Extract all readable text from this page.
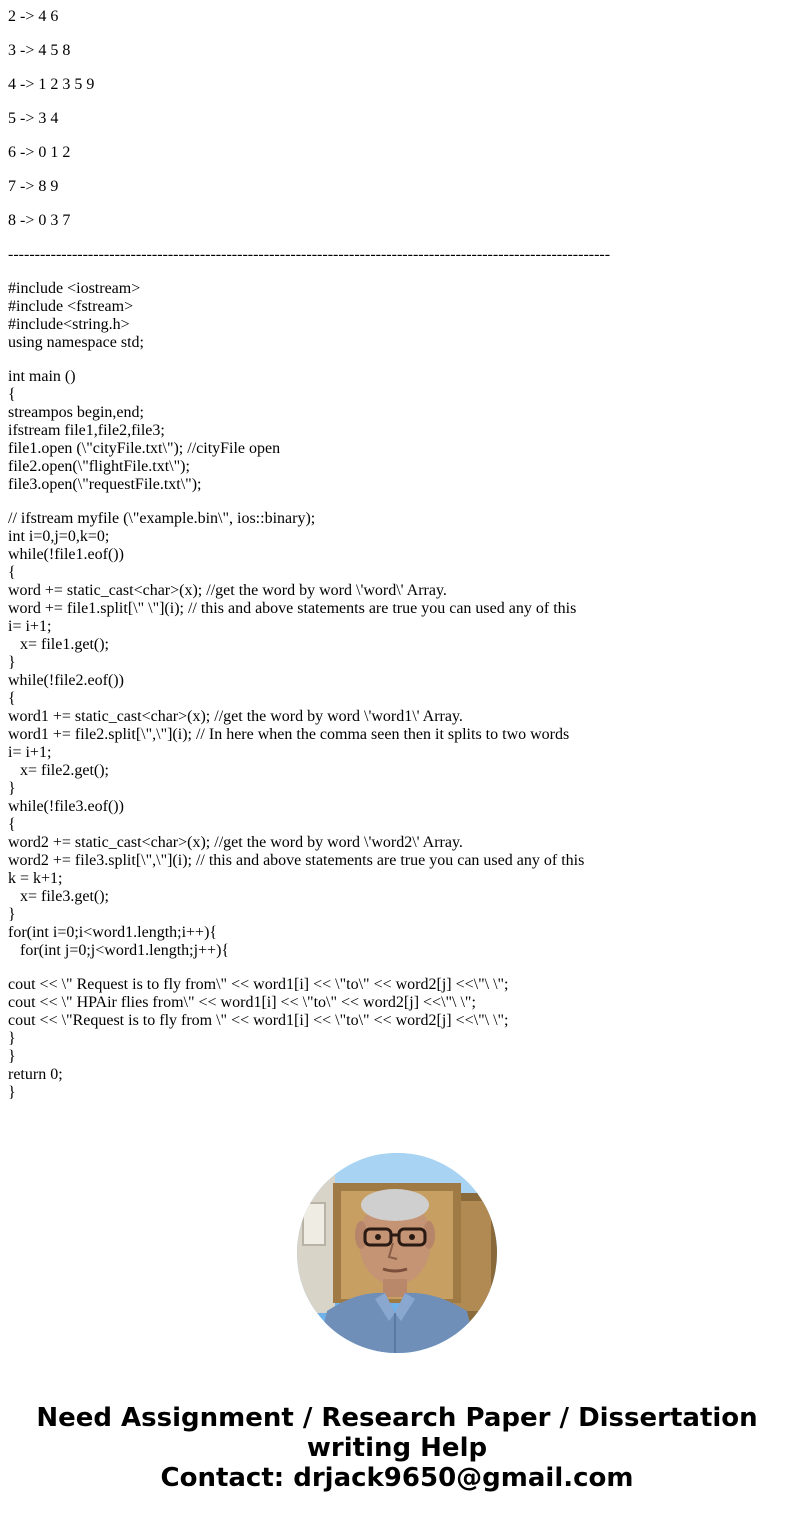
2 -> 4 6
3 -> 4 5 8
4 -> 1 2 3 5 9
5 -> 3 4
6 -> 0 1 2
7 -> 8 9
8 -> 0 3 7
-----------------------------------------------------------------------------------------------------------------
#include <iostream>
#include <fstream>
#include<string.h>
using namespace std;
int main ()
{
streampos begin,end;
ifstream file1,file2,file3;
file1.open (\"cityFile.txt\"); //cityFile open
file2.open(\"flightFile.txt\");
file3.open(\"requestFile.txt\");
// ifstream myfile (\"example.bin\", ios::binary);
int i=0,j=0,k=0;
while(!file1.eof())
{
word += static_cast<char>(x); //get the word by word \'word\' Array.
word += file1.split[\" \"](i); // this and above statements are true you can used any of this
i= i+1;
x= file1.get();
}
while(!file2.eof())
{
word1 += static_cast<char>(x); //get the word by word \'word1\' Array.
word1 += file2.split[\",\"](i); // In here when the comma seen then it splits to two words
i= i+1;
x= file2.get();
}
while(!file3.eof())
{
word2 += static_cast<char>(x); //get the word by word \'word2\' Array.
word2 += file3.split[\",\"](i); // this and above statements are true you can used any of this
k = k+1;
x= file3.get();
}
for(int i=0;i<word1.length;i++){
for(int j=0;j<word1.length;j++){
cout << \" Request is to fly from\" << word1[i] << \"to\" << word2[j] <<\"\ \";
cout << \" HPAir flies from\" << word1[i] << \"to\" << word2[j] <<\"\ \";
cout << \"Request is to fly from \" << word1[i] << \"to\" << word2[j] <<\"\ \";
}
}
return 0;
}
Need Assignment / Research Paper / Dissertation
writing Help
Contact: drjack9650@gmail.com
